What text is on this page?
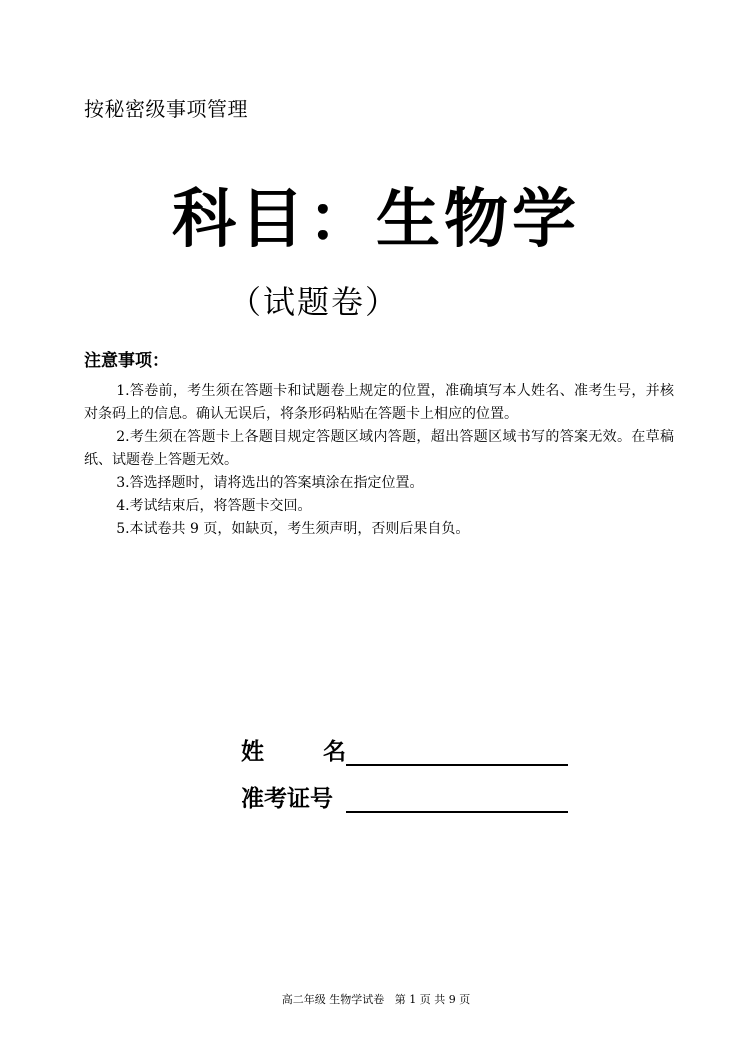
按秘密级事项管理
科目：生物学
（试题卷）
注意事项：

1.答卷前，考生须在答题卡和试题卷上规定的位置，准确填写本人姓名、准考生号，并核对条码上的信息。确认无误后，将条形码粘贴在答题卡上相应的位置。

2.考生须在答题卡上各题目规定答题区域内答题，超出答题区域书写的答案无效。在草稿纸、试题卷上答题无效。

3.答选择题时，请将选出的答案填涂在指定位置。

4.考试结束后，将答题卡交回。

5.本试卷共 9 页，如缺页，考生须声明，否则后果自负。

姓	名
准考证号
高二年级 生物学试卷   第 1 页 共 9 页
